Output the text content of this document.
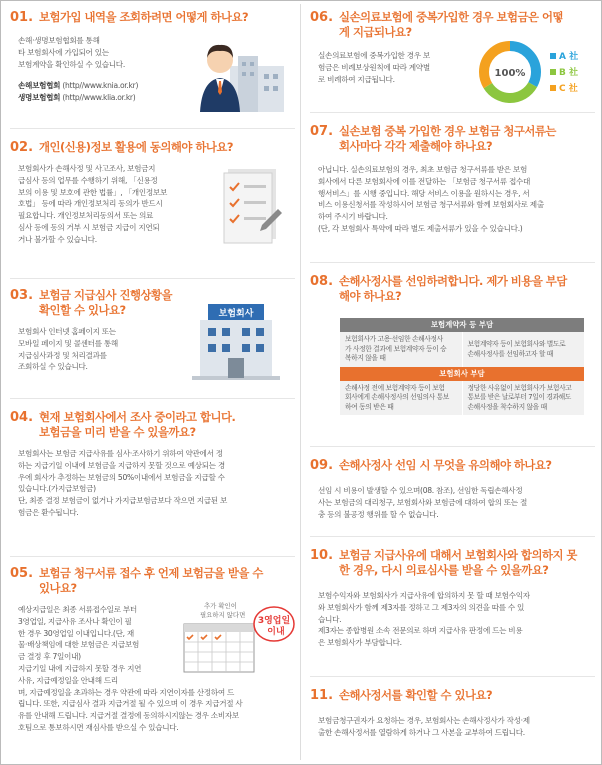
01. 보험가입 내역을 조회하려면 어떻게 하나요?

손해·생명보험협회를 통해

타 보험회사에 가입되어 있는

보험계약을 확인하실 수 있습니다.

손해보험협회 (http//www.knia.or.kr)

생명보험협회 (http//www.klia.or.kr)

02. 개인(신용)정보 활용에 동의해야 하나요?

보험회사가 손해사정 및 사고조사, 보험금지

급심사 등의 업무를 수행하기 위해, 「신용정

보의 이용 및 보호에 관한 법률」, 「개인정보보

호법」 등에 따라 개인정보처리 동의가 반드시

필요합니다. 개인정보처리동의서 또는 의료

심사 등에 동의 거부 시 보험금 지급이 지연되

거나 불가할 수 있습니다.

03. 보험금 지급심사 진행상황을
확인할 수 있나요?

보험회사 인터넷 홈페이지 또는

모바일 페이지 및 콜센터를 통해

지급심사과정 및 처리결과를

조회하실 수 있습니다.

보험회사
04. 현재 보험회사에서 조사 중이라고 합니다.
보험금을 미리 받을 수 있을까요?

보험회사는 보험금 지급사유를 심사·조사하기 위하여 약관에서 정

하는 지급기일 이내에 보험금을 지급하지 못할 것으로 예상되는 경

우에 회사가 추정하는 보험금의 50%이내에서 보험금을 지급할 수

있습니다.(가지급보험금)

단, 최종 결정 보험금이 없거나 가지급보험금보다 작으면 지급된 보

험금은 환수됩니다.

05. 보험금 청구서류 접수 후 언제 보험금을 받을 수
있나요?

예상지급일은 최종 서류접수일로 부터

3영업일, 지급사유 조사나 확인이 필

한 경우 30영업일 이내입니다.(단, 재

물·배상책임에 대한 보험금은 지급보험

금 결정 후 7일이내)

지급기일 내에 지급하지 못할 경우 지연

사유, 지급예정일을 안내해 드리

며, 지급예정일을 초과하는 경우 약관에 따라 지연이자를 산정하여 드

립니다. 또한, 지급심사 결과 지급거절 될 수 있으며 이 경우 지급거절 사

유를 안내해 드립니다. 지급거절 결정에 동의하시지않는 경우 소비자보

호팀으로 통보하시면 재심사를 받으실 수 있습니다.

추가 확인이
필요하지 않다면
3영업일
이내
06. 실손의료보험에 중복가입한 경우 보험금은 어떻
게 지급되나요?

실손의료보험에 중복가입한 경우 보

험금은 비례보상원칙에 따라 계약별

로 비례하여 지급됩니다.

100%
A 社
B 社
C 社
07. 실손보험 중복 가입한 경우 보험금 청구서류는
회사마다 각각 제출해야 하나요?

아닙니다. 실손의료보험의 경우, 최초 보험금 청구서류를 받은 보험

회사에서 다른 보험회사에 이를 전달하는 「보험금 청구서류 접수대

행서비스」를 시행 중입니다. 해당 서비스 이용을 원하시는 경우, 서

비스 이용신청서를 작성하시어 보험금 청구서류와 함께 보험회사로 제출

하여 주시기 바랍니다.

(단, 각 보험회사 특약에 따라 별도 제출서류가 있을 수 있습니다.)

08. 손해사정사를 선임하려합니다. 제가 비용을 부담
해야 하나요?
보험계약자 등 부담
보험회사가 고용·선임한 손해사정사
가 사정한 결과에 보험계약자 등이 승
복하지 않을 때
보험계약자 등이 보험회사와 별도로
손해사정사를 선임하고자 할 때
보험회사 부담
손해사정 전에 보험계약자 등이 보험
회사에게 손해사정사의 선임의사 통보
하여 동의 받은 때
정당한 사유없이 보험회사가 보험사고
통보를 받은 날로부터 7일이 경과해도
손해사정을 착수하지 않을 때
09. 손해사정사 선임 시 무엇을 유의해야 하나요?

선임 시 비용이 발생할 수 있으며(08. 참조), 선임한 독립손해사정

사는 보험금의 대리청구, 보험회사와 보험금에 대하여 합의 또는 절

충 등의 불공정 행위를 할 수 없습니다.

10. 보험금 지급사유에 대해서 보험회사와 합의하지 못
한 경우, 다시 의료심사를 받을 수 있을까요?

보험수익자와 보험회사가 지급사유에 합의하지 못 할 때 보험수익자

와 보험회사가 함께 제3자를 정하고 그 제3자의 의견을 따를 수 있

습니다.

제3자는 종합병원 소속 전문의로 하며 지급사유 판정에 드는 비용

은 보험회사가 부담합니다.

11. 손해사정서를 확인할 수 있나요?

보험금청구권자가 요청하는 경우, 보험회사는 손해사정사가 작성·제

출한 손해사정서를 열람하게 하거나 그 사본을 교부하여 드립니다.
